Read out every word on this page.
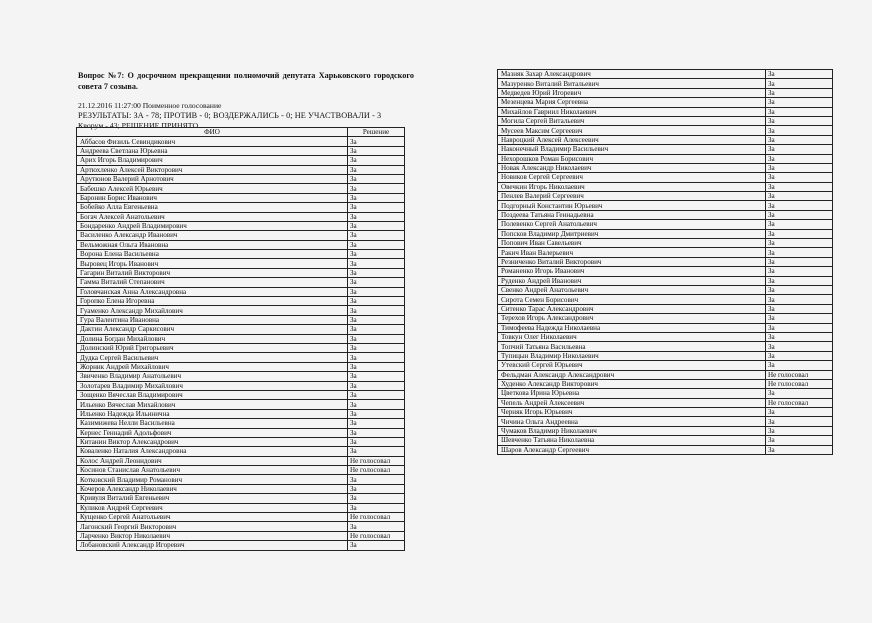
Вопрос №7: О досрочном прекращении полномочий депутата Харьковского городского совета 7 созыва.

21.12.2016 11:27:00 Поименное голосование
РЕЗУЛЬТАТЫ: ЗА - 78; ПРОТИВ - 0; ВОЗДЕРЖАЛИСЬ - 0; НЕ УЧАСТВОВАЛИ - 3
Кворум - 43; РЕШЕНИЕ ПРИНЯТО
ФИО	Решение
Аббасов Физиль Севиндикович	За
Андреева Светлана Юрьевна	За
Арих Игорь Владимирович	За
Артюхленко Алексей Викторович	За
Арутюнов Валерий Арнотович	За
Бабешко Алексей Юрьевич	За
Баронин Борис Иванович	За
Бобейко Алла Евгеньевна	За
Богач Алексей Анатольевич	За
Бондаренко Андрей Владимирович	За
Василенко Александр Иванович	За
Вельможная Ольга Ивановна	За
Ворона Елена Васильевна	За
Выровец Игорь Иванович	За
Гагарин Виталий Викторович	За
Гамма Виталий Степанович	За
Головчанская Анна Александровна	За
Горопко Елена Игоревна	За
Гуаменко Александр Михайлович	За
Гура Валентина Ивановна	За
Дактин Александр Саркисович	За
Долина Богдан Михайлович	За
Долинский Юрий Григорьевич	За
Дудка Сергей Васильевич	За
Жорник Андрей Михайлович	За
Звиченко Владимир Анатольевич	За
Золотарев Владимир Михайлович	За
Зощенко Вячеслав Владимирович	За
Ильенко Вячеслав Михайлович	За
Ильенко Надежда Ильинична	За
Казимижева Нелли Васильевна	За
Кернес Геннадий Адольфович	За
Китанин Виктор Александрович	За
Коваленко Наталия Александровна	За
Колос Андрей Леонидович	Не голосовал
Косинов Станислав Анатольевич	Не голосовал
Котковский Владимир Романович	За
Кочеров Александр Николаевич	За
Кривуля Виталий Евгеньевич	За
Куликов Андрей Сергеевич	За
Кущенко Сергей Анатольевич	Не голосовал
Лагонский Георгий Викторович	За
Ларченко Виктор Николаевич	Не голосовал
Лобановский Александр Игоревич	За
Мазняк Захар Александрович	За
Мазуренко Виталий Витальевич	За
Медведев Юрий Игоревич	За
Мезенцева Мария Сергеевна	За
Михайлов Гавриил Николаевич	За
Могила Сергей Витальевич	За
Мусеев Максим Сергеевич	За
Навроцкий Алексей Алексеевич	За
Наконечный Владимир Васильевич	За
Нехорошков Роман Борисович	За
Новак Александр Николаевич	За
Новиков Сергей Сергеевич	За
Овечкин Игорь Николаевич	За
Пенлев Валерий Сергеевич	За
Подгорный Константин Юрьевич	За
Поздеева Татьяна Геннадьевна	За
Полевенко Сергей Анатольевич	За
Попсков Владимир Дмитриевич	За
Попович Иван Савельевич	За
Ракич Иван Валерьевич	За
Резниченко Виталий Викторович	За
Романенко Игорь Иванович	За
Руденко Андрей Иванович	За
Свенко Андрей Анатольевич	За
Сирота Семен Борисович	За
Ситенко Тарас Александрович	За
Терехов Игорь Александрович	За
Тимофеева Надежда Николаевна	За
Товкун Олег Николаевич	За
Топчий Татьяна Васильевна	За
Тупицын Владимир Николаевич	За
Утевский Сергей Юрьевич	За
Фельдман Александр Александрович	Не голосовал
Худенко Александр Викторович	Не голосовал
Цветкова Ирина Юрьевна	За
Чепель Андрей Алексеевич	Не голосовал
Черняк Игорь Юрьевич	За
Чичина Ольга Андреевна	За
Чумаков Владимир Николаевич	За
Шевченко Татьяна Николаевна	За
Шаров Александр Сергеевич	За
